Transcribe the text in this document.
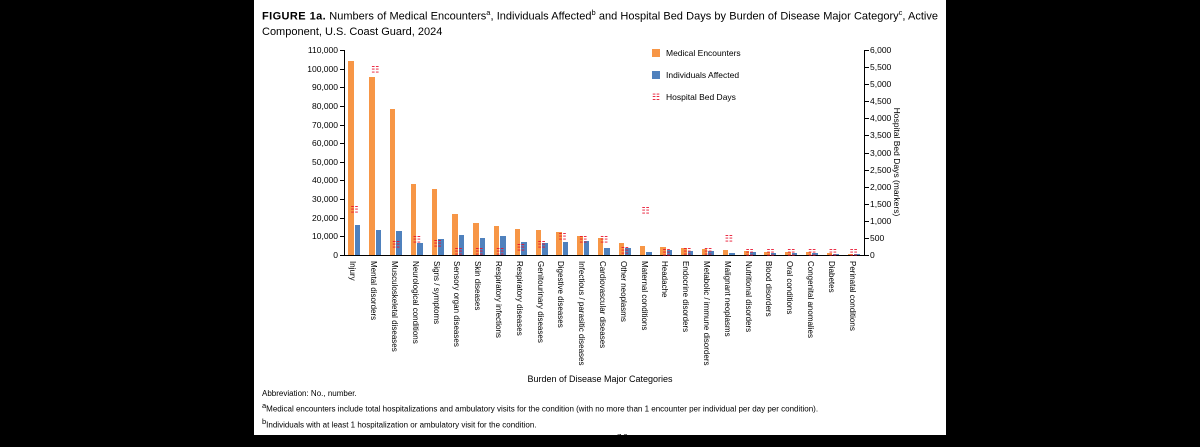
FIGURE 1a. Numbers of Medical Encounters$^a$, Individuals Affected$^b$ and Hospital Bed Days by Burden of Disease Major Category$^c$, Active Component, U.S. Coast Guard, 2024
Medical Encounters, Individuals Affected (columns)	Hospital Bed Days (markers)
0
10,000
20,000
30,000
40,000
50,000
60,000
70,000
80,000
90,000
100,000
110,000
0
500
1,000
1,500
2,000
2,500
3,000
3,500
4,000
4,500
5,000
5,500
6,000
☷
Injury
☷
Mental disorders
☷
Musculoskeletal diseases
☷
Neurological conditions
☷
Signs / symptoms
☷
Sensory organ diseases
☷
Skin diseases
☷
Respiratory infections
☷
Respiratory diseases
☷
Genitourinary diseases
☷
Digestive diseases
☷
Infectious / parasitic diseases
☷
Cardiovascular diseases
☷
Other neoplasms
☷
Maternal conditions
☷
Headache
☷
Endocrine disorders
☷
Metabolic / immune disorders
☷
Malignant neoplasms
☷
Nutritional disorders
☷
Blood disorders
☷
Oral conditions
☷
Congenital anomalies
☷
Diabetes
☷
Perinatal conditions
Medical Encounters
Individuals Affected
☷ Hospital Bed Days
Burden of Disease Major Categories
Abbreviation: No., number.
$^a$Medical encounters include total hospitalizations and ambulatory visits for the condition (with no more than 1 encounter per individual per day per condition).
$^b$Individuals with at least 1 hospitalization or ambulatory visit for the condition.
$^c$Burden of disease major categories modified from those defined in Global Burden of Disease Study$^{7,8}$
